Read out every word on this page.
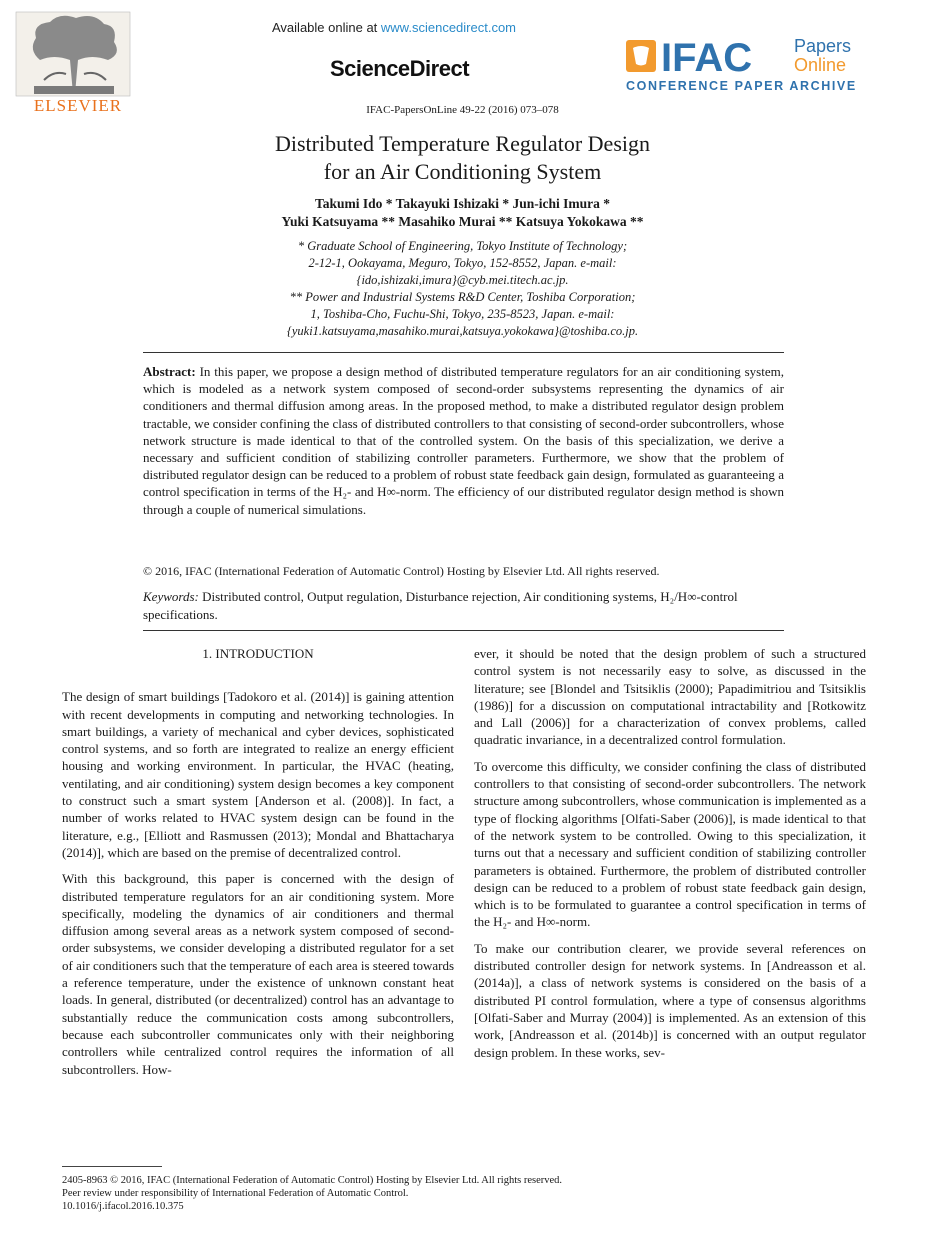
ELSEVIER
Available online at www.sciencedirect.com
ScienceDirect	IFAC Papers
Online
CONFERENCE PAPER ARCHIVE
IFAC-PapersOnLine 49-22 (2016) 073–078
Distributed Temperature Regulator Design
for an Air Conditioning System
Takumi Ido * Takayuki Ishizaki * Jun-ichi Imura *
Yuki Katsuyama ** Masahiko Murai ** Katsuya Yokokawa **
* Graduate School of Engineering, Tokyo Institute of Technology;
2-12-1, Ookayama, Meguro, Tokyo, 152-8552, Japan. e-mail:
{ido,ishizaki,imura}@cyb.mei.titech.ac.jp.
** Power and Industrial Systems R&D Center, Toshiba Corporation;
1, Toshiba-Cho, Fuchu-Shi, Tokyo, 235-8523, Japan. e-mail:
{yuki1.katsuyama,masahiko.murai,katsuya.yokokawa}@toshiba.co.jp.
Abstract: In this paper, we propose a design method of distributed temperature regulators for an air conditioning system, which is modeled as a network system composed of second-order subsystems representing the dynamics of air conditioners and thermal diffusion among areas. In the proposed method, to make a distributed regulator design problem tractable, we consider confining the class of distributed controllers to that consisting of second-order subcontrollers, whose network structure is made identical to that of the controlled system. On the basis of this specialization, we derive a necessary and sufficient condition of stabilizing controller parameters. Furthermore, we show that the problem of distributed regulator design can be reduced to a problem of robust state feedback gain design, formulated as guaranteeing a control specification in terms of the H₂- and H∞-norm. The efficiency of our distributed regulator design method is shown through a couple of numerical simulations.
© 2016, IFAC (International Federation of Automatic Control) Hosting by Elsevier Ltd. All rights reserved.
Keywords: Distributed control, Output regulation, Disturbance rejection, Air conditioning systems, H₂/H∞-control specifications.
1. INTRODUCTION

The design of smart buildings [Tadokoro et al. (2014)] is gaining attention with recent developments in computing and networking technologies. In smart buildings, a variety of mechanical and cyber devices, sophisticated control systems, and so forth are integrated to realize an energy efficient housing and working environment. In particular, the HVAC (heating, ventilating, and air conditioning) system design becomes a key component to construct such a smart system [Anderson et al. (2008)]. In fact, a number of works related to HVAC system design can be found in the literature, e.g., [Elliott and Rasmussen (2013); Mondal and Bhattacharya (2014)], which are based on the premise of decentralized control.

With this background, this paper is concerned with the design of distributed temperature regulators for an air conditioning system. More specifically, modeling the dynamics of air conditioners and thermal diffusion among several areas as a network system composed of second-order subsystems, we consider developing a distributed regulator for a set of air conditioners such that the temperature of each area is steered towards a reference temperature, under the existence of unknown constant heat loads. In general, distributed (or decentralized) control has an advantage to substantially reduce the communication costs among subcontrollers, because each subcontroller communicates only with their neighboring controllers while centralized control requires the information of all subcontrollers. How-

ever, it should be noted that the design problem of such a structured control system is not necessarily easy to solve, as discussed in the literature; see [Blondel and Tsitsiklis (2000); Papadimitriou and Tsitsiklis (1986)] for a discussion on computational intractability and [Rotkowitz and Lall (2006)] for a characterization of convex problems, called quadratic invariance, in a decentralized control formulation.

To overcome this difficulty, we consider confining the class of distributed controllers to that consisting of second-order subcontrollers. The network structure among subcontrollers, whose communication is implemented as a type of flocking algorithms [Olfati-Saber (2006)], is made identical to that of the network system to be controlled. Owing to this specialization, it turns out that a necessary and sufficient condition of stabilizing controller parameters is obtained. Furthermore, the problem of distributed controller design can be reduced to a problem of robust state feedback gain design, which is to be formulated to guarantee a control specification in terms of the H₂- and H∞-norm.

To make our contribution clearer, we provide several references on distributed controller design for network systems. In [Andreasson et al. (2014a)], a class of network systems is considered on the basis of a distributed PI control formulation, where a type of consensus algorithms [Olfati-Saber and Murray (2004)] is implemented. As an extension of this work, [Andreasson et al. (2014b)] is concerned with an output regulator design problem. In these works, sev-

2405-8963 © 2016, IFAC (International Federation of Automatic Control) Hosting by Elsevier Ltd. All rights reserved.
Peer review under responsibility of International Federation of Automatic Control.
10.1016/j.ifacol.2016.10.375
